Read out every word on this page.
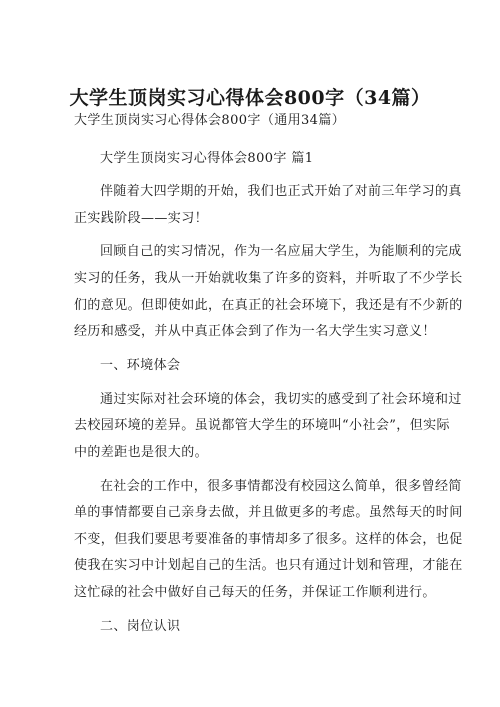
大学生顶岗实习心得体会800字（34篇）
大学生顶岗实习心得体会800字（通用34篇）
大学生顶岗实习心得体会800字 篇1
伴随着大四学期的开始，我们也正式开始了对前三年学习的真
正实践阶段——实习！
回顾自己的实习情况，作为一名应届大学生，为能顺利的完成
实习的任务，我从一开始就收集了许多的资料，并听取了不少学长
们的意见。但即使如此，在真正的社会环境下，我还是有不少新的
经历和感受，并从中真正体会到了作为一名大学生实习意义！
一、环境体会
通过实际对社会环境的体会，我切实的感受到了社会环境和过
去校园环境的差异。虽说都管大学生的环境叫“小社会”，但实际
中的差距也是很大的。
在社会的工作中，很多事情都没有校园这么简单，很多曾经简
单的事情都要自己亲身去做，并且做更多的考虑。虽然每天的时间
不变，但我们要思考要准备的事情却多了很多。这样的体会，也促
使我在实习中计划起自己的生活。也只有通过计划和管理，才能在
这忙碌的社会中做好自己每天的任务，并保证工作顺利进行。
二、岗位认识
